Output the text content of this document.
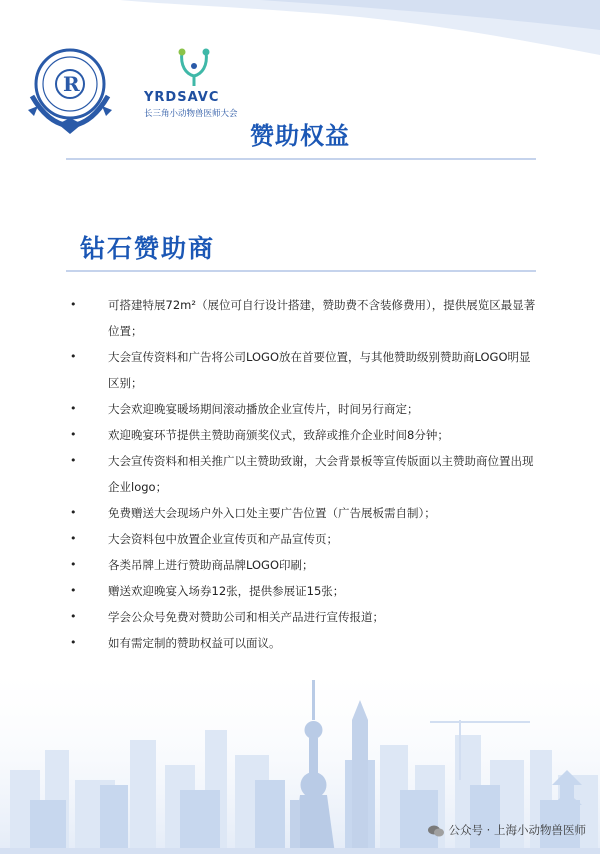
R
YRDSAVC
长三角小动物兽医师大会
赞助权益
钻石赞助商
•	可搭建特展72m²（展位可自行设计搭建，赞助费不含装修费用），提供展览区最显著位置；
•	大会宣传资料和广告将公司LOGO放在首要位置，与其他赞助级别赞助商LOGO明显区别；
•	大会欢迎晚宴暖场期间滚动播放企业宣传片，时间另行商定；
•	欢迎晚宴环节提供主赞助商颁奖仪式，致辞或推介企业时间8分钟；
•	大会宣传资料和相关推广以主赞助致谢，大会背景板等宣传版面以主赞助商位置出现企业logo；
•	免费赠送大会现场户外入口处主要广告位置（广告展板需自制）；
•	大会资料包中放置企业宣传页和产品宣传页；
•	各类吊牌上进行赞助商品牌LOGO印刷；
•	赠送欢迎晚宴入场券12张，提供参展证15张；
•	学会公众号免费对赞助公司和相关产品进行宣传报道；
•	如有需定制的赞助权益可以面议。
公众号 · 上海小动物兽医师
